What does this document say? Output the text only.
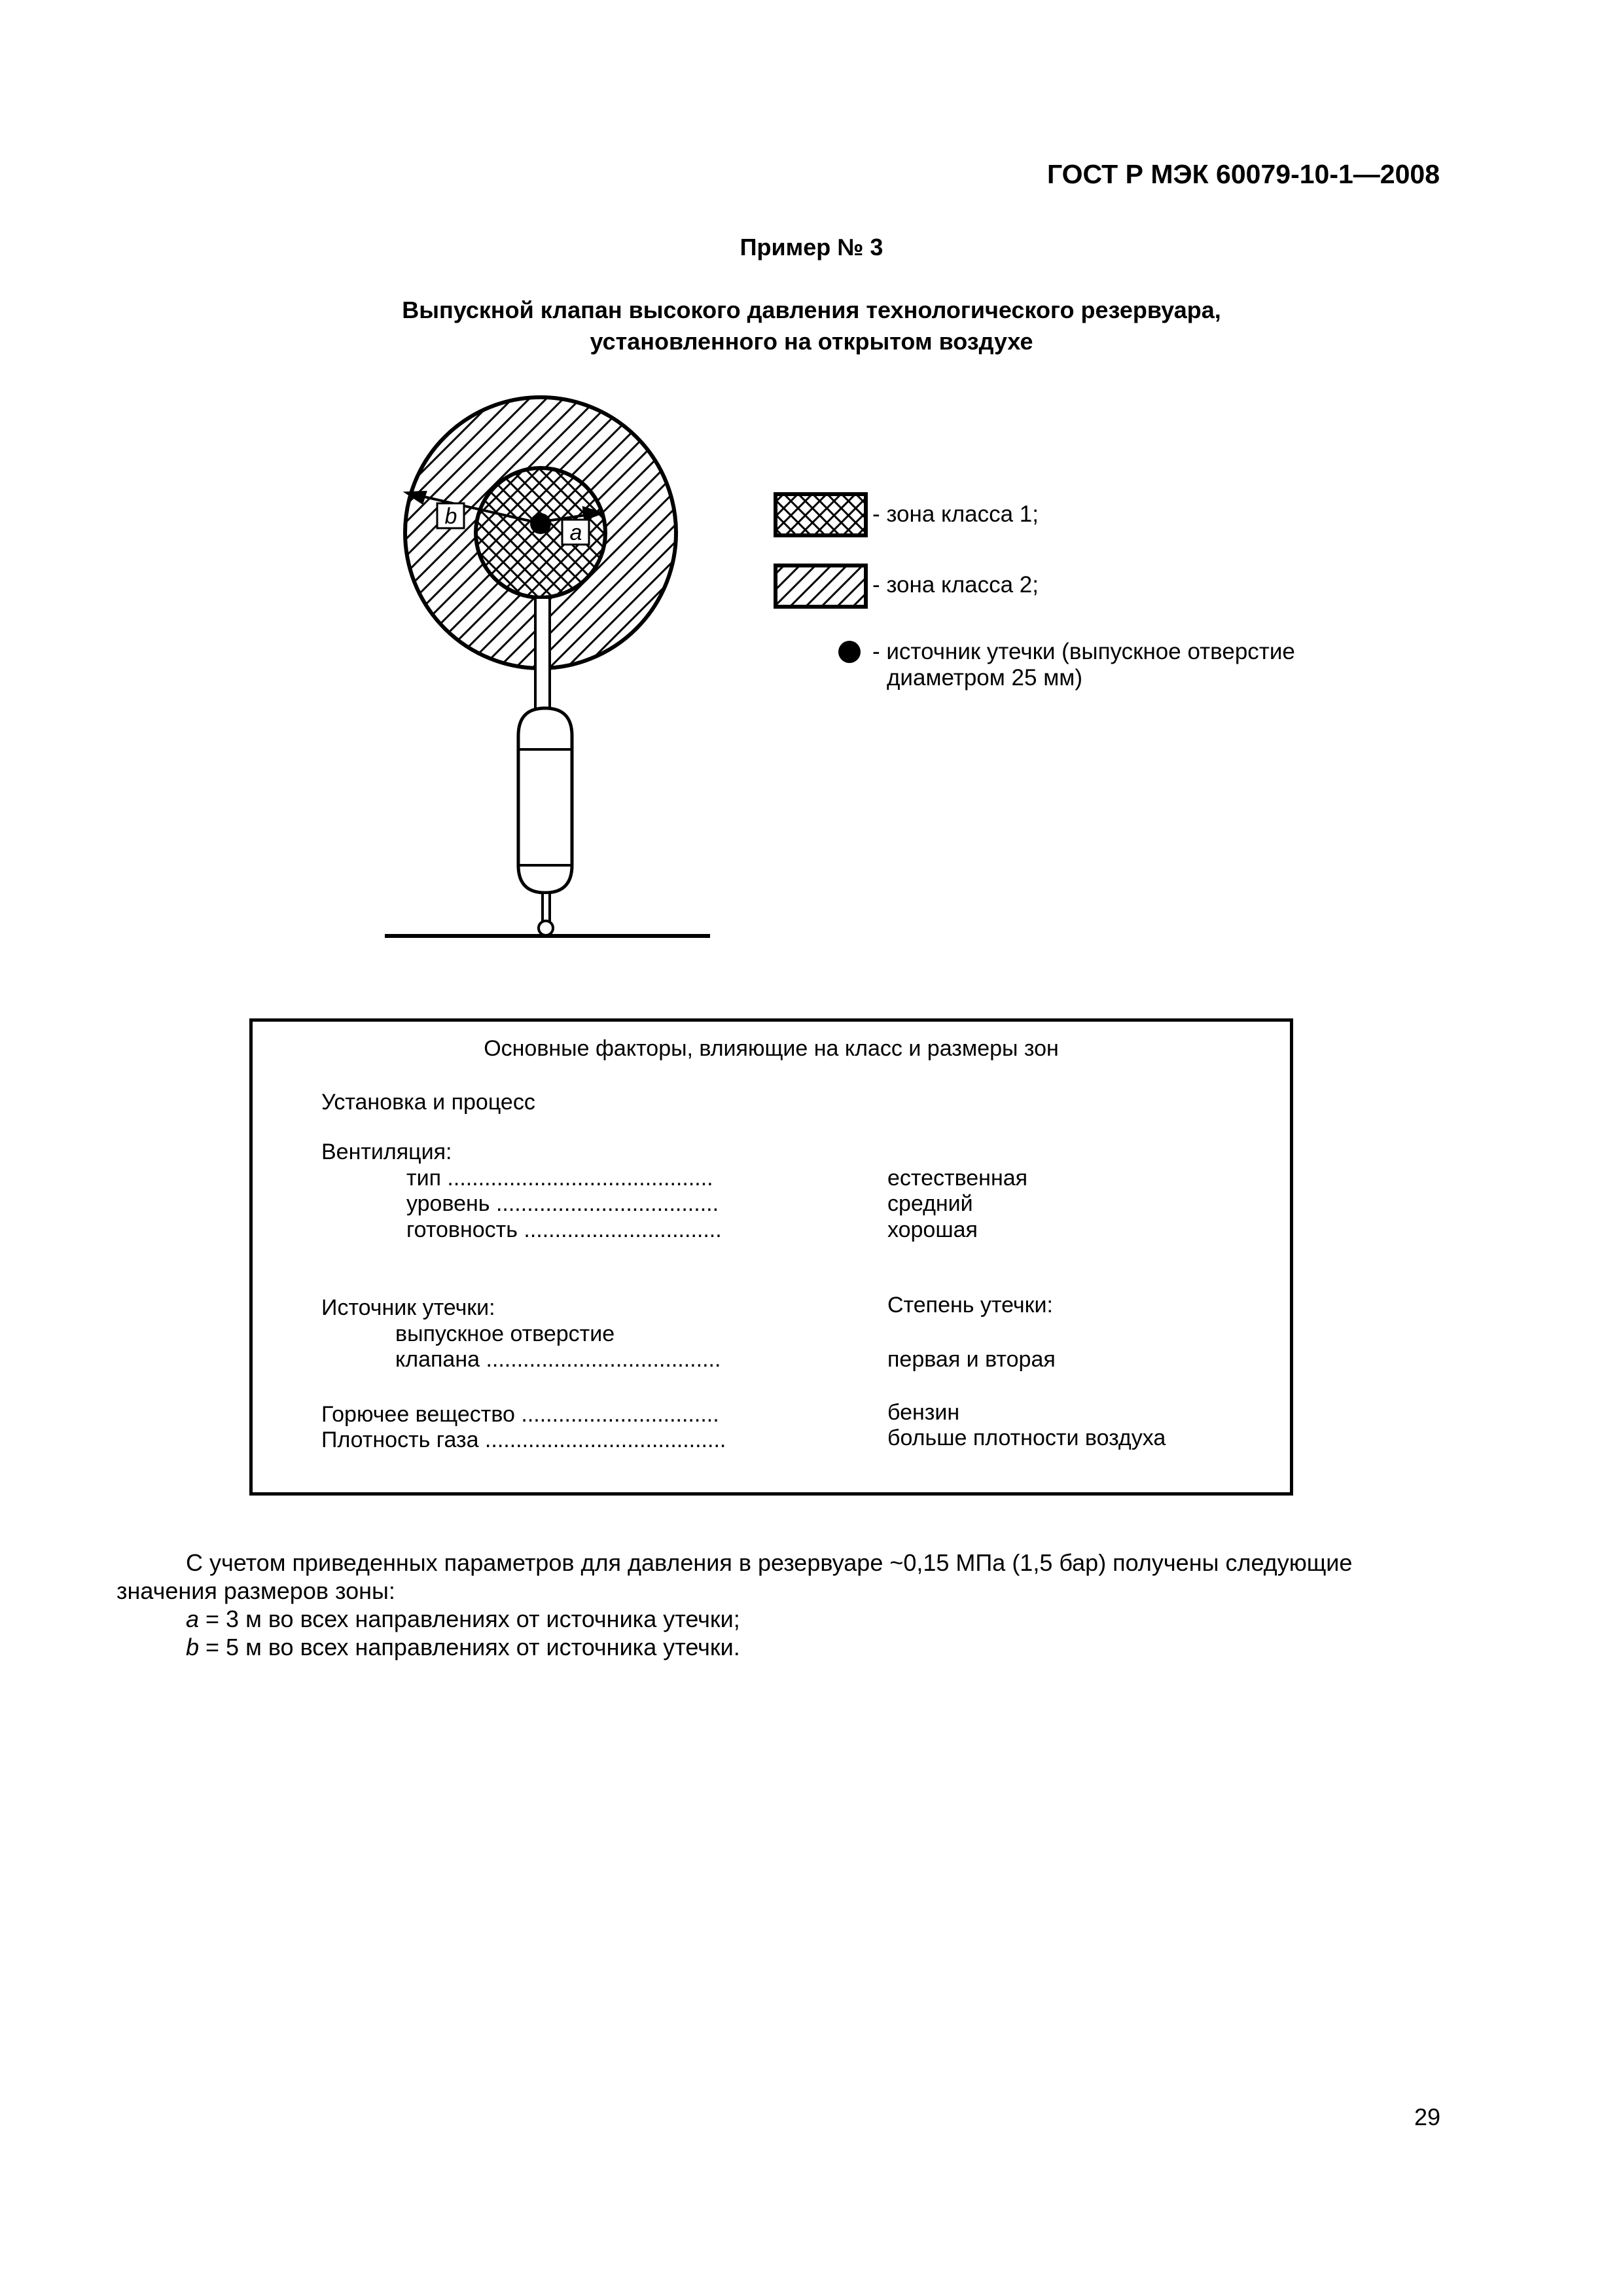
ГОСТ Р МЭК 60079-10-1—2008
Пример № 3
Выпускной клапан высокого давления технологического резервуара,
установленного на открытом воздухе
b
a
- зона класса 1;
- зона класса 2;
- источник утечки (выпускное отверстие
диаметром 25 мм)
Основные факторы, влияющие на класс и размеры зон
Установка и процесс
Вентиляция:
тип ...........................................	естественная
уровень ....................................	средний
готовность ................................	хорошая
Источник утечки:	Степень утечки:
выпускное отверстие
клапана ......................................	первая и вторая
Горючее вещество ................................	бензин
Плотность газа .......................................	больше плотности воздуха
С учетом приведенных параметров для давления в резервуаре ~0,15 МПа (1,5 бар) получены следующие
значения размеров зоны:
a = 3 м во всех направлениях от источника утечки;
b = 5 м во всех направлениях от источника утечки.
29
